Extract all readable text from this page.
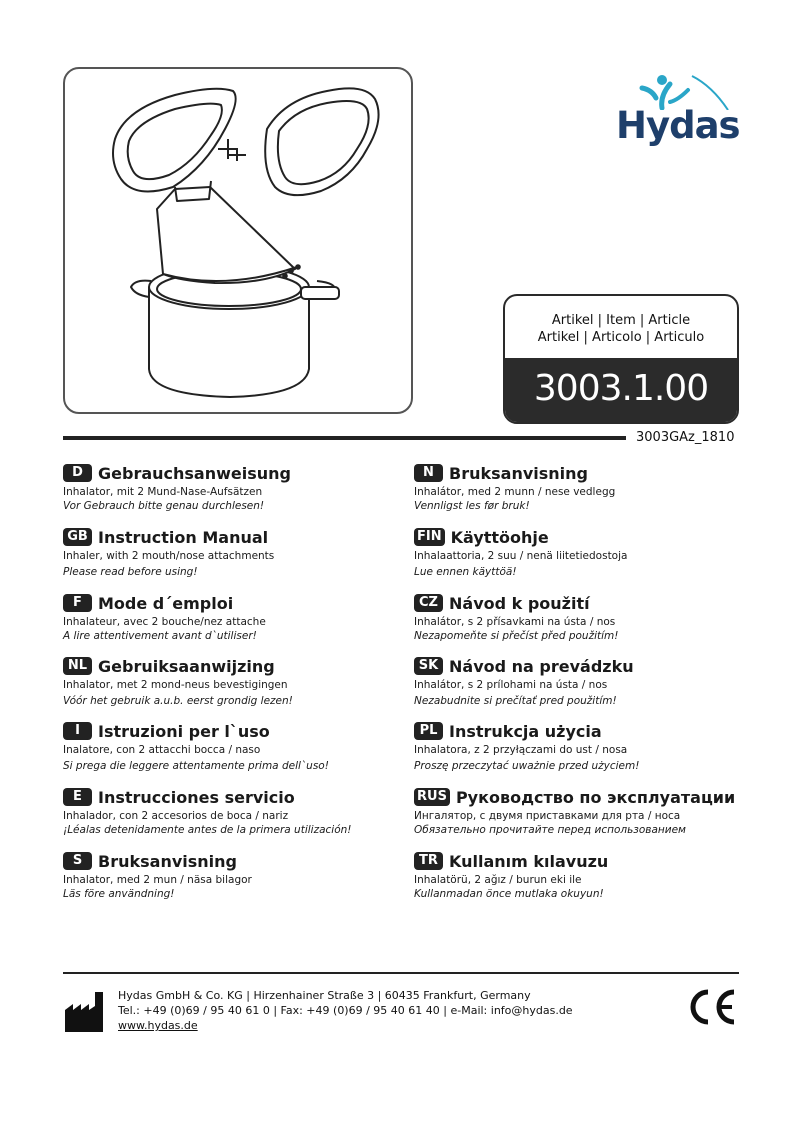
Hydas
Artikel | Item | Article
Artikel | Articolo | Articulo
3003.1.00
3003GAz_1810
D Gebrauchsanweisung
Inhalator, mit 2 Mund-Nase-Aufsätzen
Vor Gebrauch bitte genau durchlesen!
GB Instruction Manual
Inhaler, with 2 mouth/nose attachments
Please read before using!
F	Mode d´emploi
Inhalateur, avec 2 bouche/nez attache
A lire attentivement avant d`utiliser!
NL Gebruiksaanwijzing
Inhalator, met 2 mond-neus bevestigingen
Vóór het gebruik a.u.b. eerst grondig lezen!
I	Istruzioni per l`uso
Inalatore, con 2 attacchi bocca / naso
Si prega die leggere attentamente prima dell`uso!
E	Instrucciones servicio
Inhalador, con 2 accesorios de boca / nariz
¡Léalas detenidamente antes de la primera utilización!
S Bruksanvisning
Inhalator, med 2 mun / näsa bilagor
Läs före användning!
N Bruksanvisning
Inhalátor, med 2 munn / nese vedlegg
Vennligst les før bruk!
FIN Käyttöohje
Inhalaattoria, 2 suu / nenä liitetiedostoja
Lue ennen käyttöä!
CZ Návod k použití
Inhalátor, s 2 přísavkami na ústa / nos
Nezapomeňte si přečíst před použitím!
SK Návod na prevádzku
Inhalátor, s 2 prílohami na ústa / nos
Nezabudnite si prečítať pred použitím!
PL Instrukcja użycia
Inhalatora, z 2 przyłączami do ust / nosa
Proszę przeczytać uważnie przed użyciem!
RUS Руководство по эксплуатации
Ингалятор, с двумя приставками для рта / носа
Обязательно прочитайте перед использованием
TR Kullanım kılavuzu
Inhalatörü, 2 ağız / burun eki ile
Kullanmadan önce mutlaka okuyun!
Hydas GmbH & Co. KG | Hirzenhainer Straße 3 | 60435 Frankfurt, Germany
Tel.: +49 (0)69 / 95 40 61 0 | Fax: +49 (0)69 / 95 40 61 40 | e-Mail: info@hydas.de
www.hydas.de
